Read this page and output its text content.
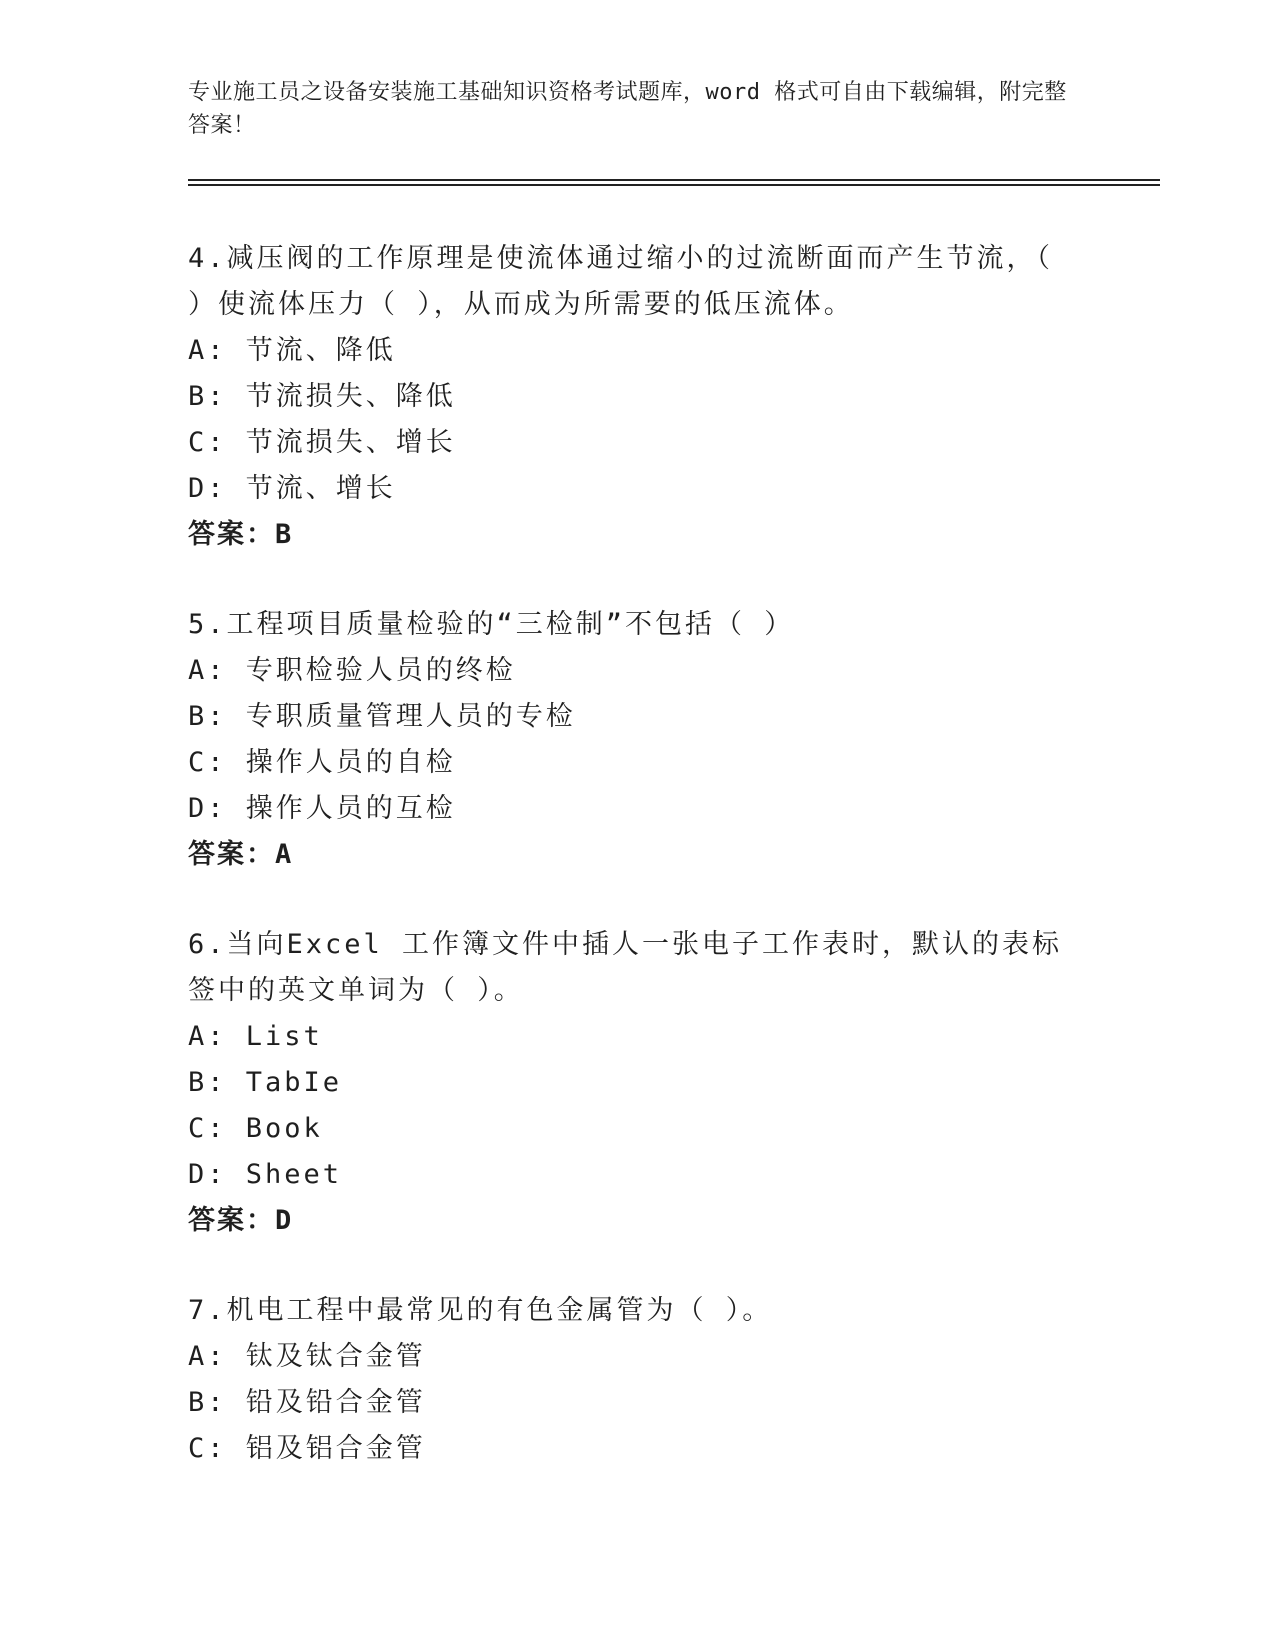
专业施工员之设备安装施工基础知识资格考试题库，word 格式可自由下载编辑，附完整答案！
4.减压阀的工作原理是使流体通过缩小的过流断面而产生节流，（ ）使流体压力（ ），从而成为所需要的低压流体。
A: 节流、降低
B: 节流损失、降低
C: 节流损失、增长
D: 节流、增长
答案：B
5.工程项目质量检验的“三检制”不包括（ ）
A: 专职检验人员的终检
B: 专职质量管理人员的专检
C: 操作人员的自检
D: 操作人员的互检
答案：A
6.当向Excel 工作簿文件中插人一张电子工作表时，默认的表标签中的英文单词为（ ）。
A: List
B: TabIe
C: Book
D: Sheet
答案：D
7.机电工程中最常见的有色金属管为（ ）。
A: 钛及钛合金管
B: 铅及铅合金管
C: 铝及铝合金管
